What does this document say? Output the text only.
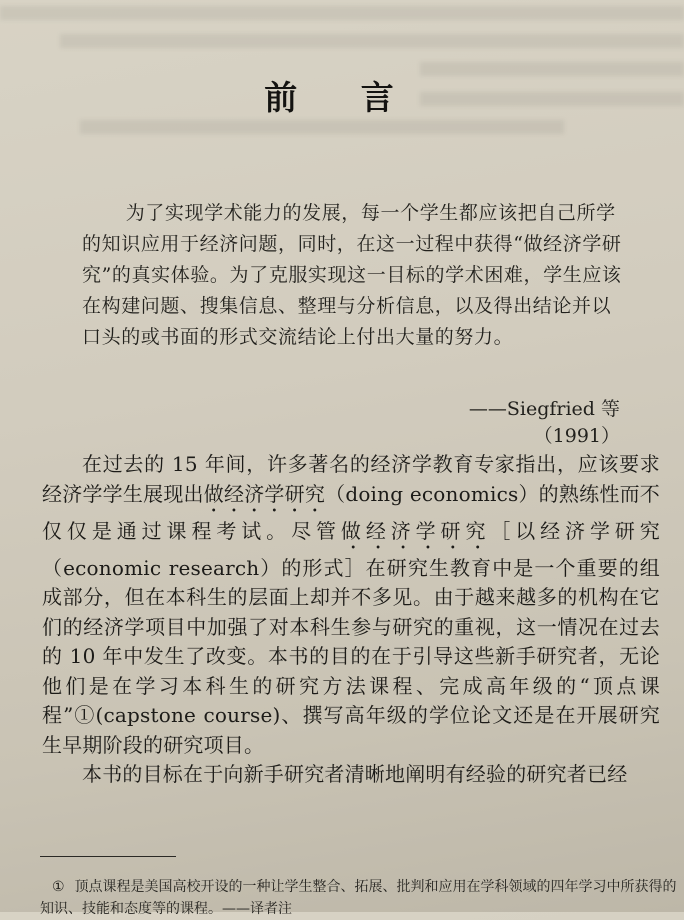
前 言

为了实现学术能力的发展，每一个学生都应该把自己所学的知识应用于经济问题，同时，在这一过程中获得“做经济学研究”的真实体验。为了克服实现这一目标的学术困难，学生应该在构建问题、搜集信息、整理与分析信息，以及得出结论并以口头的或书面的形式交流结论上付出大量的努力。

——Siegfried 等（1991）

在过去的 15 年间，许多著名的经济学教育专家指出，应该要求经济学学生展现出做经济学研究（doing economics）的熟练性而不仅仅是通过课程考试。尽管做经济学研究［以经济学研究（economic research）的形式］在研究生教育中是一个重要的组成部分，但在本科生的层面上却并不多见。由于越来越多的机构在它们的经济学项目中加强了对本科生参与研究的重视，这一情况在过去的 10 年中发生了改变。本书的目的在于引导这些新手研究者，无论他们是在学习本科生的研究方法课程、完成高年级的“顶点课程”①(capstone course)、撰写高年级的学位论文还是在开展研究生早期阶段的研究项目。

本书的目标在于向新手研究者清晰地阐明有经验的研究者已经

① 顶点课程是美国高校开设的一种让学生整合、拓展、批判和应用在学科领域的四年学习中所获得的知识、技能和态度等的课程。——译者注
